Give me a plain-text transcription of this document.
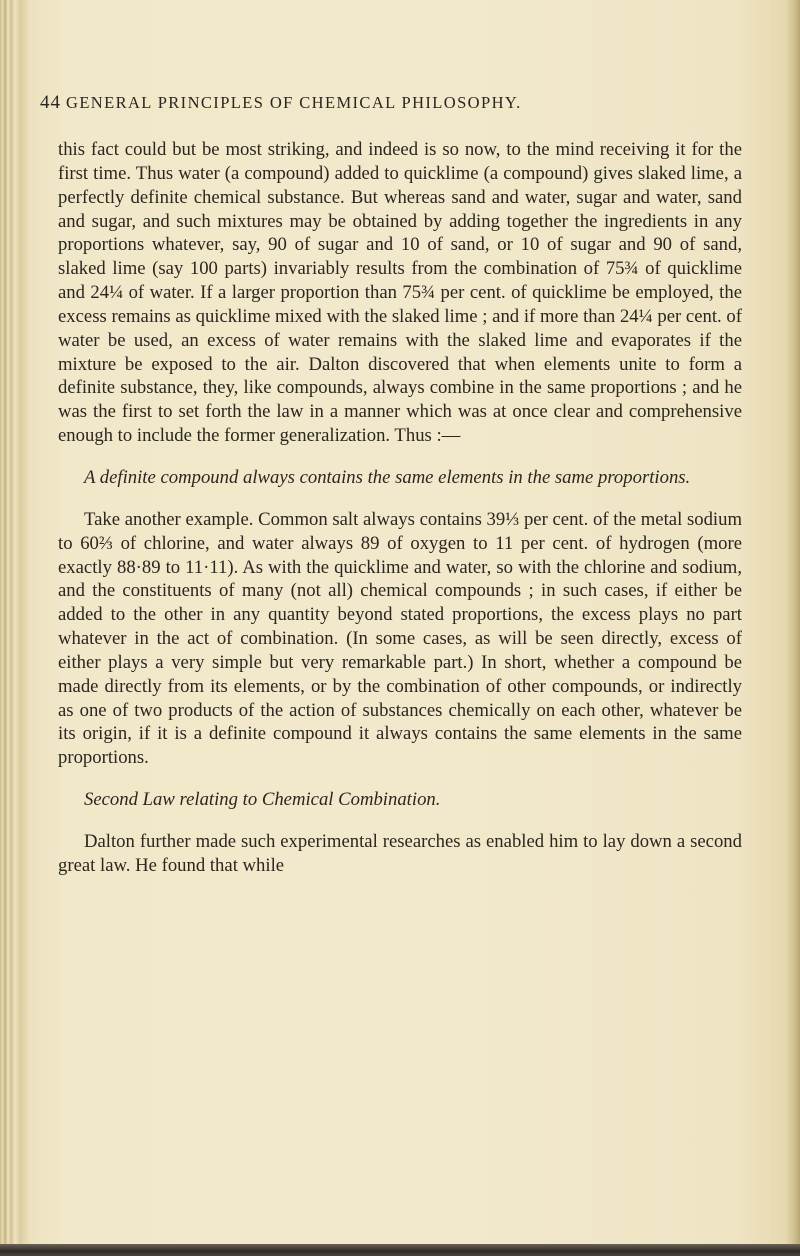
44 GENERAL PRINCIPLES OF CHEMICAL PHILOSOPHY.

this fact could but be most striking, and indeed is so now, to the mind receiving it for the first time. Thus water (a compound) added to quicklime (a compound) gives slaked lime, a perfectly definite chemical substance. But whereas sand and water, sugar and water, sand and sugar, and such mixtures may be obtained by adding together the ingredients in any proportions whatever, say, 90 of sugar and 10 of sand, or 10 of sugar and 90 of sand, slaked lime (say 100 parts) invariably results from the combination of 75¾ of quicklime and 24¼ of water. If a larger proportion than 75¾ per cent. of quicklime be employed, the excess remains as quicklime mixed with the slaked lime ; and if more than 24¼ per cent. of water be used, an excess of water remains with the slaked lime and evaporates if the mixture be exposed to the air. Dalton discovered that when elements unite to form a definite substance, they, like compounds, always combine in the same proportions ; and he was the first to set forth the law in a manner which was at once clear and comprehensive enough to include the former generalization. Thus :—

A definite compound always contains the same elements in the same proportions.

Take another example. Common salt always contains 39⅓ per cent. of the metal sodium to 60⅔ of chlorine, and water always 89 of oxygen to 11 per cent. of hydrogen (more exactly 88·89 to 11·11). As with the quicklime and water, so with the chlorine and sodium, and the constituents of many (not all) chemical compounds ; in such cases, if either be added to the other in any quantity beyond stated proportions, the excess plays no part whatever in the act of combination. (In some cases, as will be seen directly, excess of either plays a very simple but very remarkable part.) In short, whether a compound be made directly from its elements, or by the combination of other compounds, or indirectly as one of two products of the action of substances chemically on each other, whatever be its origin, if it is a definite compound it always contains the same elements in the same proportions.

Second Law relating to Chemical Combination.

Dalton further made such experimental researches as enabled him to lay down a second great law. He found that while
